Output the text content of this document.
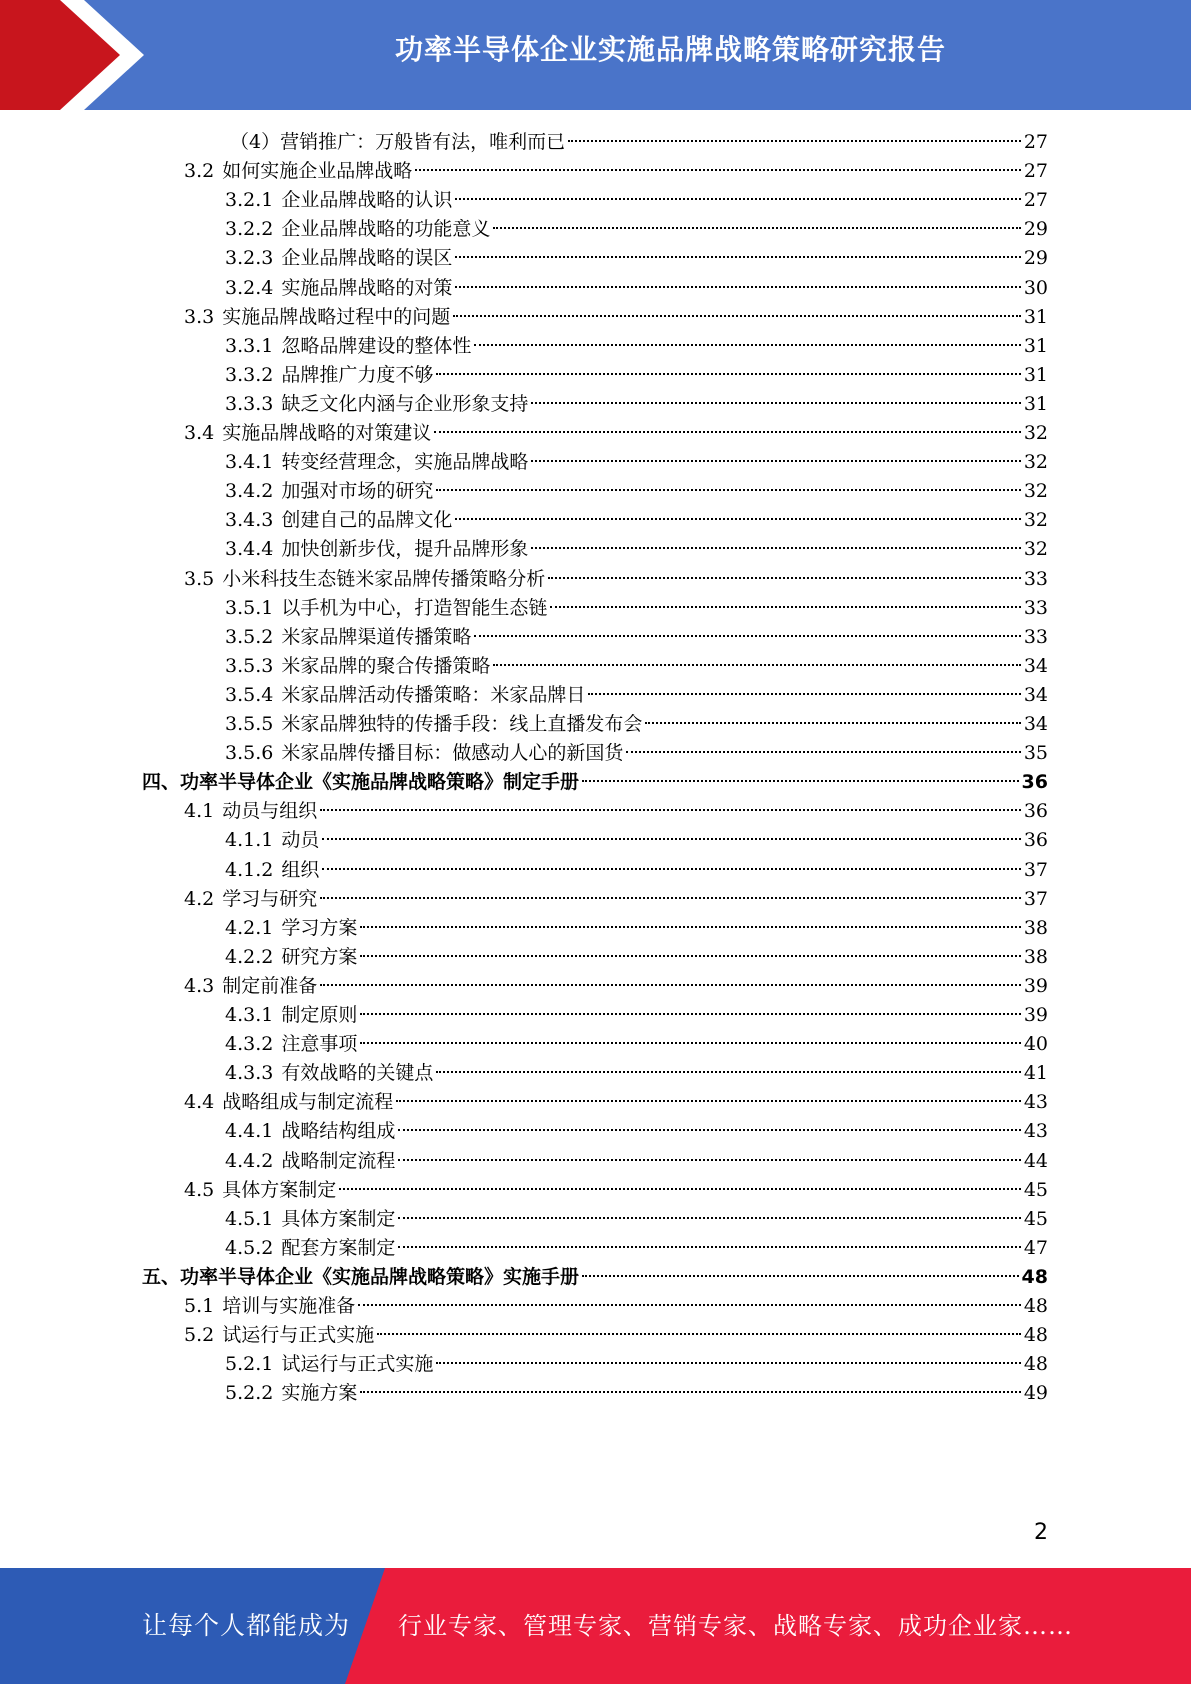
功率半导体企业实施品牌战略策略研究报告
（4）营销推广：万般皆有法，唯利而已	27
3.2 如何实施企业品牌战略	27
3.2.1 企业品牌战略的认识	27
3.2.2 企业品牌战略的功能意义	29
3.2.3 企业品牌战略的误区	29
3.2.4 实施品牌战略的对策	30
3.3 实施品牌战略过程中的问题	31
3.3.1 忽略品牌建设的整体性	31
3.3.2 品牌推广力度不够	31
3.3.3 缺乏文化内涵与企业形象支持	31
3.4 实施品牌战略的对策建议	32
3.4.1 转变经营理念，实施品牌战略	32
3.4.2 加强对市场的研究	32
3.4.3 创建自己的品牌文化	32
3.4.4 加快创新步伐，提升品牌形象	32
3.5 小米科技生态链米家品牌传播策略分析	33
3.5.1 以手机为中心，打造智能生态链	33
3.5.2 米家品牌渠道传播策略	33
3.5.3 米家品牌的聚合传播策略	34
3.5.4 米家品牌活动传播策略：米家品牌日	34
3.5.5 米家品牌独特的传播手段：线上直播发布会	34
3.5.6 米家品牌传播目标：做感动人心的新国货	35
四、功率半导体企业《实施品牌战略策略》制定手册	36
4.1 动员与组织	36
4.1.1 动员	36
4.1.2 组织	37
4.2 学习与研究	37
4.2.1 学习方案	38
4.2.2 研究方案	38
4.3 制定前准备	39
4.3.1 制定原则	39
4.3.2 注意事项	40
4.3.3 有效战略的关键点	41
4.4 战略组成与制定流程	43
4.4.1 战略结构组成	43
4.4.2 战略制定流程	44
4.5 具体方案制定	45
4.5.1 具体方案制定	45
4.5.2 配套方案制定	47
五、功率半导体企业《实施品牌战略策略》实施手册	48
5.1 培训与实施准备	48
5.2 试运行与正式实施	48
5.2.1 试运行与正式实施	48
5.2.2 实施方案	49
2
让每个人都能成为 行业专家、管理专家、营销专家、战略专家、成功企业家……
